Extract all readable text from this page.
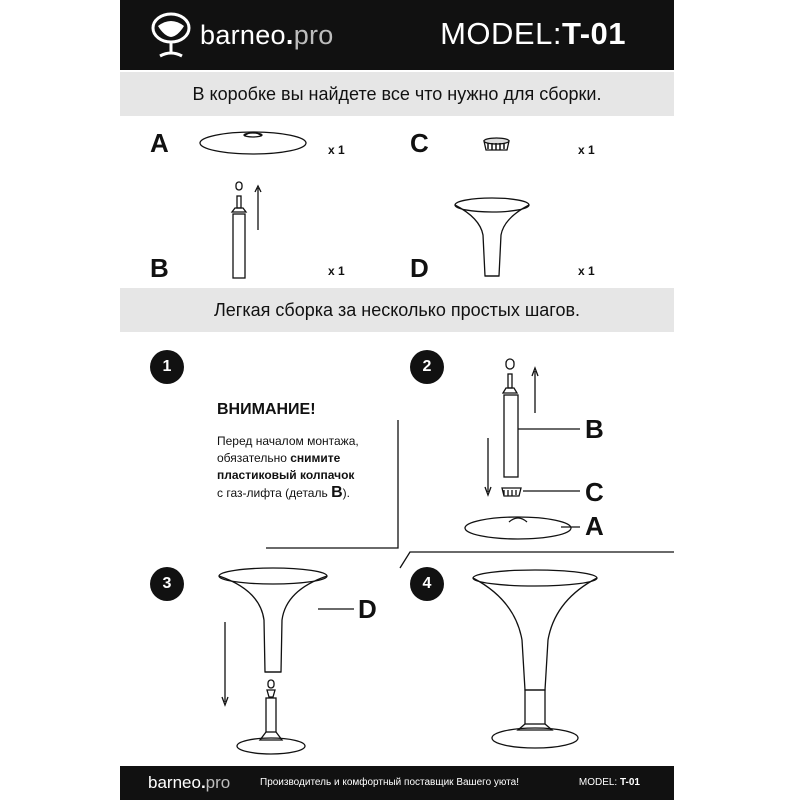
barneo.pro	MODEL:T-01
В коробке вы найдете все что нужно для сборки.
A	x 1	C	x 1
B	x 1	D	x 1
Легкая сборка за несколько простых шагов.
1	2
3	4
ВНИМАНИЕ!
Перед началом монтажа,
обязательно снимите
пластиковый колпачок
с газ-лифта (деталь B).
B
C
A
D
barneo.pro	Производитель и комфортный поставщик Вашего уюта!	MODEL: T-01
